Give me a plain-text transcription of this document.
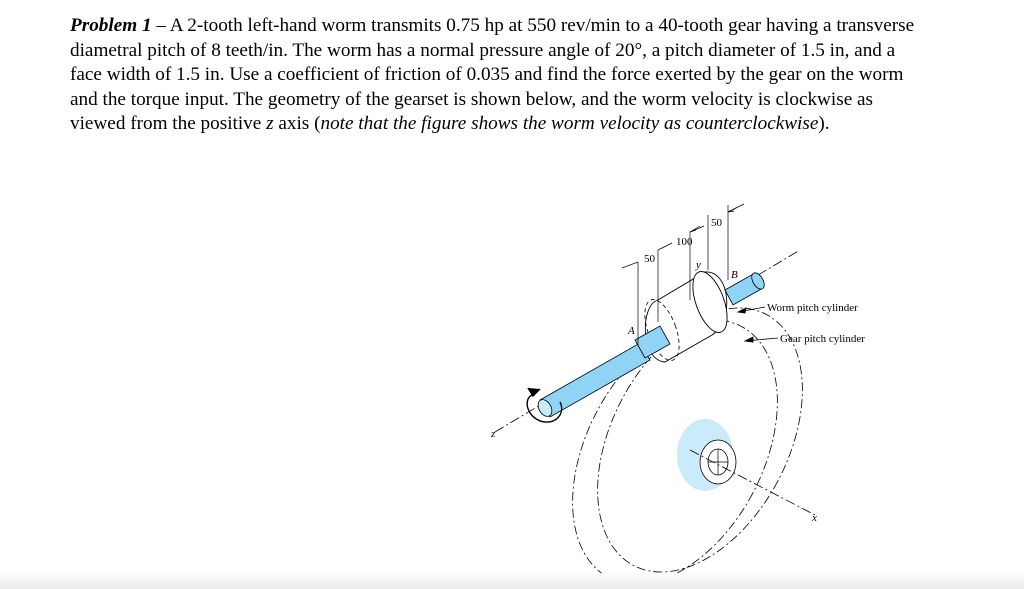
Problem 1 – A 2-tooth left-hand worm transmits 0.75 hp at 550 rev/min to a 40-tooth gear having a transverse diametral pitch of 8 teeth/in. The worm has a normal pressure angle of 20°, a pitch diameter of 1.5 in, and a face width of 1.5 in. Use a coefficient of friction of 0.035 and find the force exerted by the gear on the worm and the torque input. The geometry of the gearset is shown below, and the worm velocity is clockwise as viewed from the positive z axis (note that the figure shows the worm velocity as counterclockwise).

50
100
50
y
A
B
z
x
Worm pitch cylinder
Gear pitch cylinder
